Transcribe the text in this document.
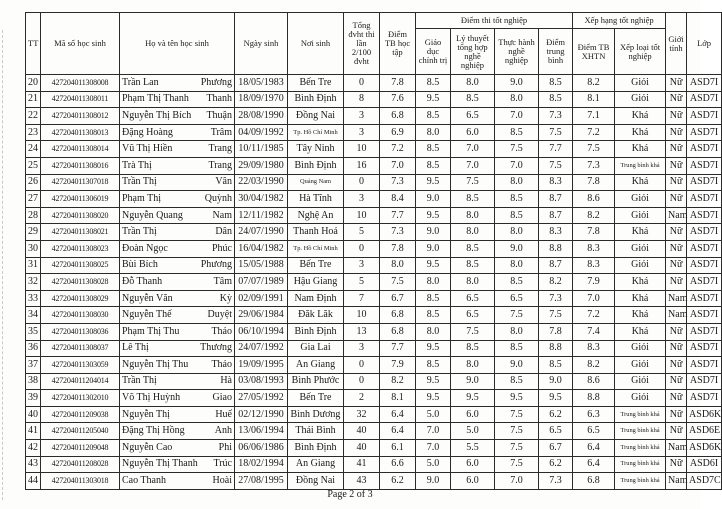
TT	Mã số học sinh	Họ và tên học sinh	Ngày sinh	Nơi sinh	Tổng đvht thi lần 2/100 đvht	Điểm TB học tập	Điểm thi tốt nghiệp				Xếp hạng tốt nghiệp		Giới tính	Lớp
							Giáo dục chính trị	Lý thuyết tổng hợp nghề nghiệp	Thực hành nghề nghiệp	Điểm trung bình	Điểm TB XHTN	Xếp loại tốt nghiệp		
20	427204011308008	Trần Lan Phương	18/05/1983	Bến Tre	0	7.8	8.5	8.0	9.0	8.5	8.2	Giỏi	Nữ	ASD7I
21	427204011308011	Phạm Thị Thanh Thanh	18/09/1970	Bình Định	8	7.6	9.5	8.5	8.0	8.5	8.1	Giỏi	Nữ	ASD7I
22	427204011308012	Nguyễn Thị Bích Thuận	28/08/1990	Đồng Nai	3	6.8	8.5	6.5	7.0	7.3	7.1	Khá	Nữ	ASD7I
23	427204011308013	Đặng Hoàng Trâm	04/09/1992	Tp. Hồ Chí Minh	3	6.9	8.0	6.0	8.5	7.5	7.2	Khá	Nữ	ASD7I
24	427204011308014	Vũ Thị Hiền Trang	10/11/1985	Tây Ninh	10	7.2	8.5	7.0	7.5	7.7	7.5	Khá	Nữ	ASD7I
25	427204011308016	Trà Thị Trang	29/09/1980	Bình Định	16	7.0	8.5	7.0	7.0	7.5	7.3	Trung bình khá	Nữ	ASD7I
26	427204011307018	Trần Thị Vân	22/03/1990	Quảng Nam	0	7.3	9.5	7.5	8.0	8.3	7.8	Khá	Nữ	ASD7I
27	427204011306019	Phạm Thị Quỳnh	30/04/1982	Hà Tĩnh	3	8.4	9.0	8.5	8.5	8.7	8.6	Giỏi	Nữ	ASD7I
28	427204011308020	Nguyễn Quang Nam	12/11/1982	Nghệ An	10	7.7	9.5	8.0	8.5	8.7	8.2	Giỏi	Nam	ASD7I
29	427204011308021	Trần Thị Dân	24/07/1990	Thanh Hoá	5	7.3	9.0	8.0	8.0	8.3	7.8	Khá	Nữ	ASD7I
30	427204011308023	Đoàn Ngọc Phúc	16/04/1982	Tp. Hồ Chí Minh	0	7.8	9.0	8.5	9.0	8.8	8.3	Giỏi	Nữ	ASD7I
31	427204011308025	Bùi Bích Phương	15/05/1988	Bến Tre	3	8.0	9.5	8.5	8.0	8.7	8.3	Giỏi	Nữ	ASD7I
32	427204011308028	Đỗ Thanh Tâm	07/07/1989	Hậu Giang	5	7.5	8.0	8.0	8.5	8.2	7.9	Khá	Nữ	ASD7I
33	427204011308029	Nguyễn Văn Kỳ	02/09/1991	Nam Định	7	6.7	8.5	6.5	6.5	7.3	7.0	Khá	Nam	ASD7I
34	427204011308030	Nguyễn Thế Duyệt	29/06/1984	Đăk Lăk	10	6.8	8.5	6.5	7.5	7.5	7.2	Khá	Nam	ASD7I
35	427204011308036	Phạm Thị Thu Thảo	06/10/1994	Bình Định	13	6.8	8.0	7.5	8.0	7.8	7.4	Khá	Nữ	ASD7I
36	427204011308037	Lê Thị Thương	24/07/1992	Gia Lai	3	7.7	9.5	8.5	8.5	8.8	8.3	Giỏi	Nữ	ASD7I
37	427204011303059	Nguyễn Thị Thu Thảo	19/09/1995	An Giang	0	7.9	8.5	8.0	9.0	8.5	8.2	Giỏi	Nữ	ASD7I
38	427204011204014	Trần Thị Hà	03/08/1993	Bình Phước	0	8.2	9.5	9.0	8.5	9.0	8.6	Giỏi	Nữ	ASD7I
39	427204011302010	Võ Thị Huỳnh Giao	27/05/1992	Bến Tre	2	8.1	9.5	9.5	9.5	9.5	8.8	Giỏi	Nữ	ASD7I
40	427204011209038	Nguyễn Thị Huế	02/12/1990	Bình Dương	32	6.4	5.0	6.0	7.5	6.2	6.3	Trung bình khá	Nữ	ASD6K
41	427204011205040	Đặng Thị Hồng Anh	13/06/1994	Thái Bình	40	6.4	7.0	5.0	7.5	6.5	6.5	Trung bình khá	Nữ	ASD6E
42	427204011209048	Nguyễn Cao Phi	06/06/1986	Bình Định	40	6.1	7.0	5.5	7.5	6.7	6.4	Trung bình khá	Nam	ASD6K
43	427204011208028	Nguyễn Thị Thanh Trúc	18/02/1994	An Giang	41	6.6	5.0	6.0	7.5	6.2	6.4	Trung bình khá	Nữ	ASD6I
44	427204011303018	Cao Thanh Hoài	27/08/1995	Đồng Nai	43	6.2	9.0	6.0	7.0	7.3	6.8	Trung bình khá	Nam	ASD7C
Page 2 of 3
